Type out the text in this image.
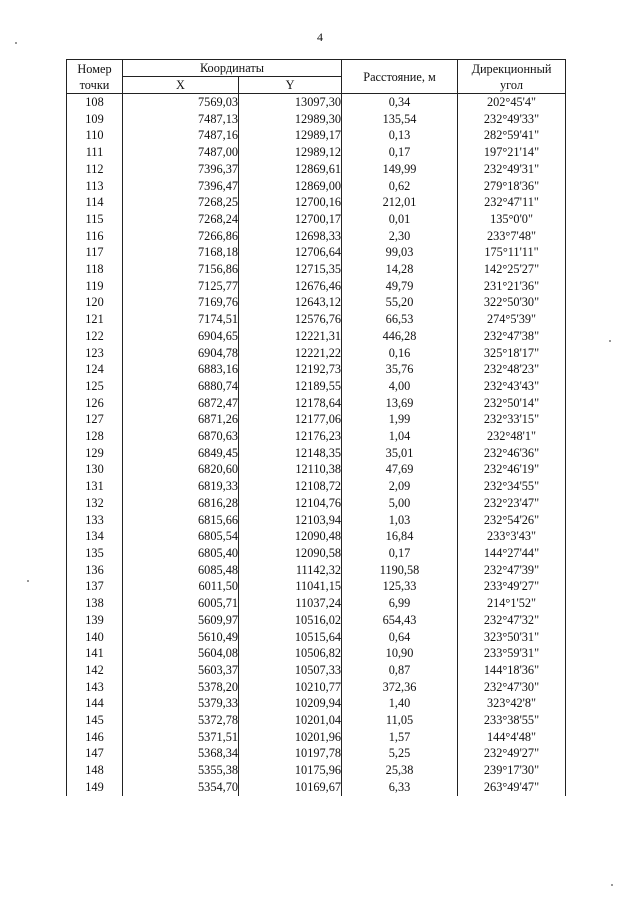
4
Номер
точки	Координаты		Расстояние, м	Дирекционный
угол
	X	Y		
108	7569,03	13097,30	0,34	202°45'4"
109	7487,13	12989,30	135,54	232°49'33"
110	7487,16	12989,17	0,13	282°59'41"
111	7487,00	12989,12	0,17	197°21'14"
112	7396,37	12869,61	149,99	232°49'31"
113	7396,47	12869,00	0,62	279°18'36"
114	7268,25	12700,16	212,01	232°47'11"
115	7268,24	12700,17	0,01	135°0'0"
116	7266,86	12698,33	2,30	233°7'48"
117	7168,18	12706,64	99,03	175°11'11"
118	7156,86	12715,35	14,28	142°25'27"
119	7125,77	12676,46	49,79	231°21'36"
120	7169,76	12643,12	55,20	322°50'30"
121	7174,51	12576,76	66,53	274°5'39"
122	6904,65	12221,31	446,28	232°47'38"
123	6904,78	12221,22	0,16	325°18'17"
124	6883,16	12192,73	35,76	232°48'23"
125	6880,74	12189,55	4,00	232°43'43"
126	6872,47	12178,64	13,69	232°50'14"
127	6871,26	12177,06	1,99	232°33'15"
128	6870,63	12176,23	1,04	232°48'1"
129	6849,45	12148,35	35,01	232°46'36"
130	6820,60	12110,38	47,69	232°46'19"
131	6819,33	12108,72	2,09	232°34'55"
132	6816,28	12104,76	5,00	232°23'47"
133	6815,66	12103,94	1,03	232°54'26"
134	6805,54	12090,48	16,84	233°3'43"
135	6805,40	12090,58	0,17	144°27'44"
136	6085,48	11142,32	1190,58	232°47'39"
137	6011,50	11041,15	125,33	233°49'27"
138	6005,71	11037,24	6,99	214°1'52"
139	5609,97	10516,02	654,43	232°47'32"
140	5610,49	10515,64	0,64	323°50'31"
141	5604,08	10506,82	10,90	233°59'31"
142	5603,37	10507,33	0,87	144°18'36"
143	5378,20	10210,77	372,36	232°47'30"
144	5379,33	10209,94	1,40	323°42'8"
145	5372,78	10201,04	11,05	233°38'55"
146	5371,51	10201,96	1,57	144°4'48"
147	5368,34	10197,78	5,25	232°49'27"
148	5355,38	10175,96	25,38	239°17'30"
149	5354,70	10169,67	6,33	263°49'47"
